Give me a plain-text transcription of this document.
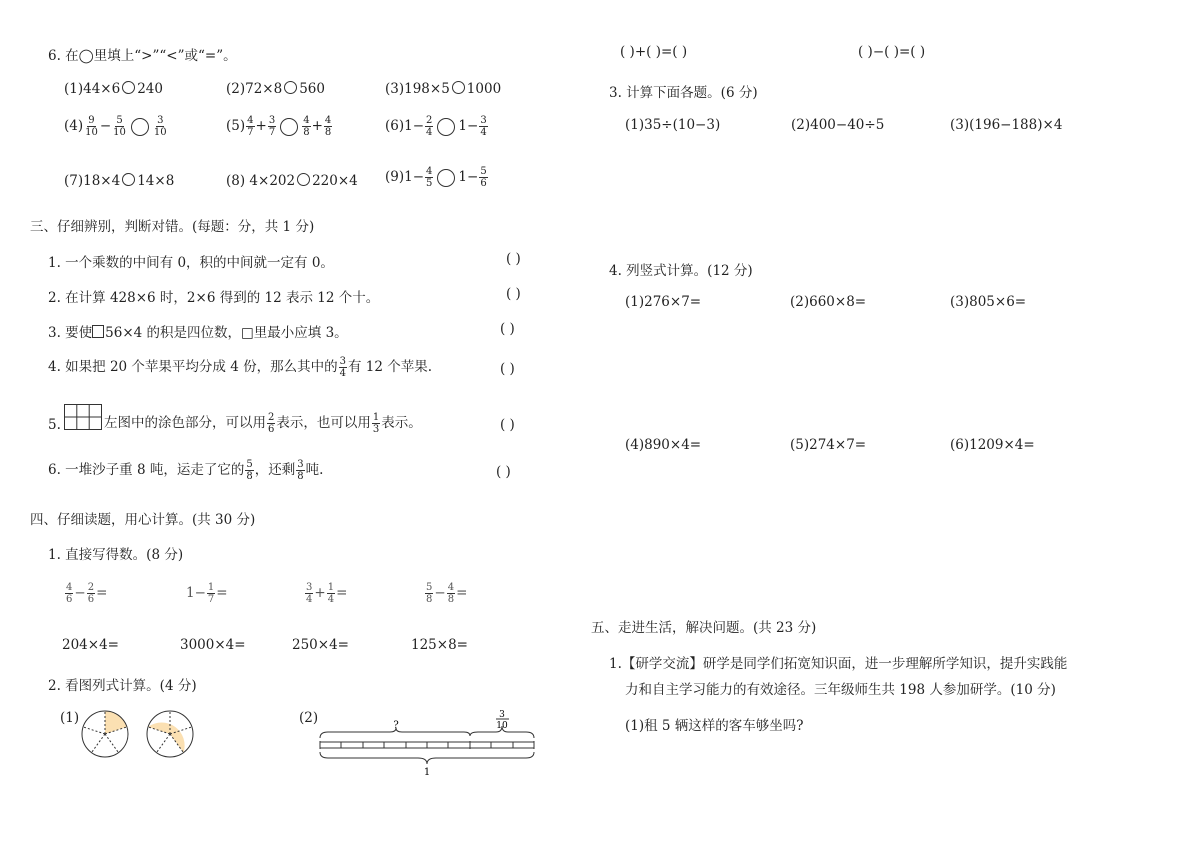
6. 在◯里填上“>”“<”或“=”。
(1)44×6 240	(2)72×8 560	(3)198×5 1000
$(4) \frac{9}{10} - \frac{5}{10}$	$\frac{3}{10}$	$(5) \frac{4}{7} + \frac{3}{7}$	$\frac{4}{8} + \frac{4}{8}$	$(6)1- \frac{2}{4} 1- \frac{3}{4}$
(7)18×4 14×8	(8) 4×202 220×4 $(9)1- \frac{4}{5} 1- \frac{5}{6}$
三、仔细辨别，判断对错。(每题：分，共 1 分)
1. 一个乘数的中间有 0，积的中间就一定有 0。	( )
2. 在计算 428×6 时，2×6 得到的 12 表示 12 个十。	( )
3. 要使 56×4 的积是四位数，□里最小应填 3。	( )
4. 如果把 20 个苹果平均分成 4 份，那么其中的 $\frac{3}{4}$ 有 12 个苹果.	( )
5.	左图中的涂色部分，可以用 $\frac{2}{6}$ 表示，也可以用 $\frac{1}{3}$ 表示。	( )
6. 一堆沙子重 8 吨，运走了它的 $\frac{5}{8}$ ，还剩 $\frac{3}{8}$ 吨.	( )
四、仔细读题，用心计算。(共 30 分)
1. 直接写得数。(8 分)
$\frac{4}{6} - \frac{2}{6}$ =	$1- \frac{1}{7}$ =	$\frac{3}{4} + \frac{1}{4}$ =	$\frac{5}{8} - \frac{4}{8}$ =
204×4=	3000×4=	250×4=	125×8=
2. 看图列式计算。(4 分)
(1)	(2)	?
3
10
1
( )+( )=( )	( )−( )=( )
3. 计算下面各题。(6 分)
(1)35÷(10−3)	(2)400−40÷5	(3)(196−188)×4
4. 列竖式计算。(12 分)
(1)276×7=	(2)660×8=	(3)805×6=
(4)890×4=	(5)274×7=	(6)1209×4=
五、走进生活，解决问题。(共 23 分)
1.【研学交流】研学是同学们拓宽知识面，进一步理解所学知识，提升实践能
力和自主学习能力的有效途径。三年级师生共 198 人参加研学。(10 分)
(1)租 5 辆这样的客车够坐吗?
